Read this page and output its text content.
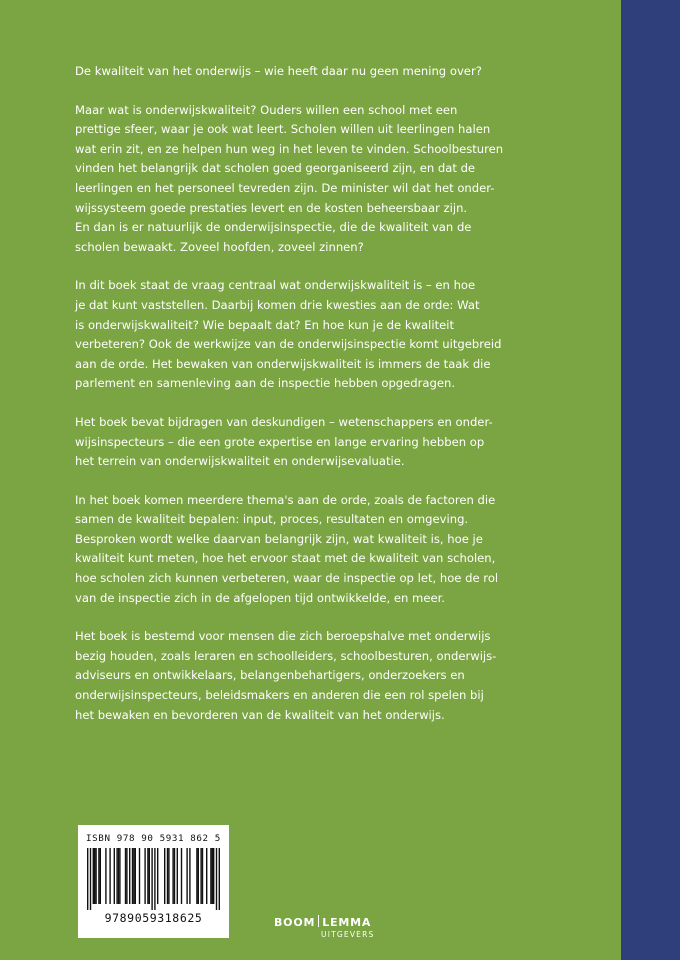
De kwaliteit van het onderwijs – wie heeft daar nu geen mening over?

Maar wat is onderwijskwaliteit? Ouders willen een school met een
prettige sfeer, waar je ook wat leert. Scholen willen uit leerlingen halen
wat erin zit, en ze helpen hun weg in het leven te vinden. Schoolbesturen
vinden het belangrijk dat scholen goed georganiseerd zijn, en dat de
leerlingen en het personeel tevreden zijn. De minister wil dat het onder-
wijssysteem goede prestaties levert en de kosten beheersbaar zijn.
En dan is er natuurlijk de onderwijsinspectie, die de kwaliteit van de
scholen bewaakt. Zoveel hoofden, zoveel zinnen?

In dit boek staat de vraag centraal wat onderwijskwaliteit is – en hoe
je dat kunt vaststellen. Daarbij komen drie kwesties aan de orde: Wat
is onderwijskwaliteit? Wie bepaalt dat? En hoe kun je de kwaliteit
verbeteren? Ook de werkwijze van de onderwijsinspectie komt uitgebreid
aan de orde. Het bewaken van onderwijskwaliteit is immers de taak die
parlement en samenleving aan de inspectie hebben opgedragen.

Het boek bevat bijdragen van deskundigen – wetenschappers en onder-
wijsinspecteurs – die een grote expertise en lange ervaring hebben op
het terrein van onderwijskwaliteit en onderwijsevaluatie.

In het boek komen meerdere thema's aan de orde, zoals de factoren die
samen de kwaliteit bepalen: input, proces, resultaten en omgeving.
Besproken wordt welke daarvan belangrijk zijn, wat kwaliteit is, hoe je
kwaliteit kunt meten, hoe het ervoor staat met de kwaliteit van scholen,
hoe scholen zich kunnen verbeteren, waar de inspectie op let, hoe de rol
van de inspectie zich in de afgelopen tijd ontwikkelde, en meer.

Het boek is bestemd voor mensen die zich beroepshalve met onderwijs
bezig houden, zoals leraren en schoolleiders, schoolbesturen, onderwijs-
adviseurs en ontwikkelaars, belangenbehartigers, onderzoekers en
onderwijsinspecteurs, beleidsmakers en anderen die een rol spelen bij
het bewaken en bevorderen van de kwaliteit van het onderwijs.

ISBN 978 90 5931 862 5
9789059318625	BOOM LEMMA
UITGEVERS
